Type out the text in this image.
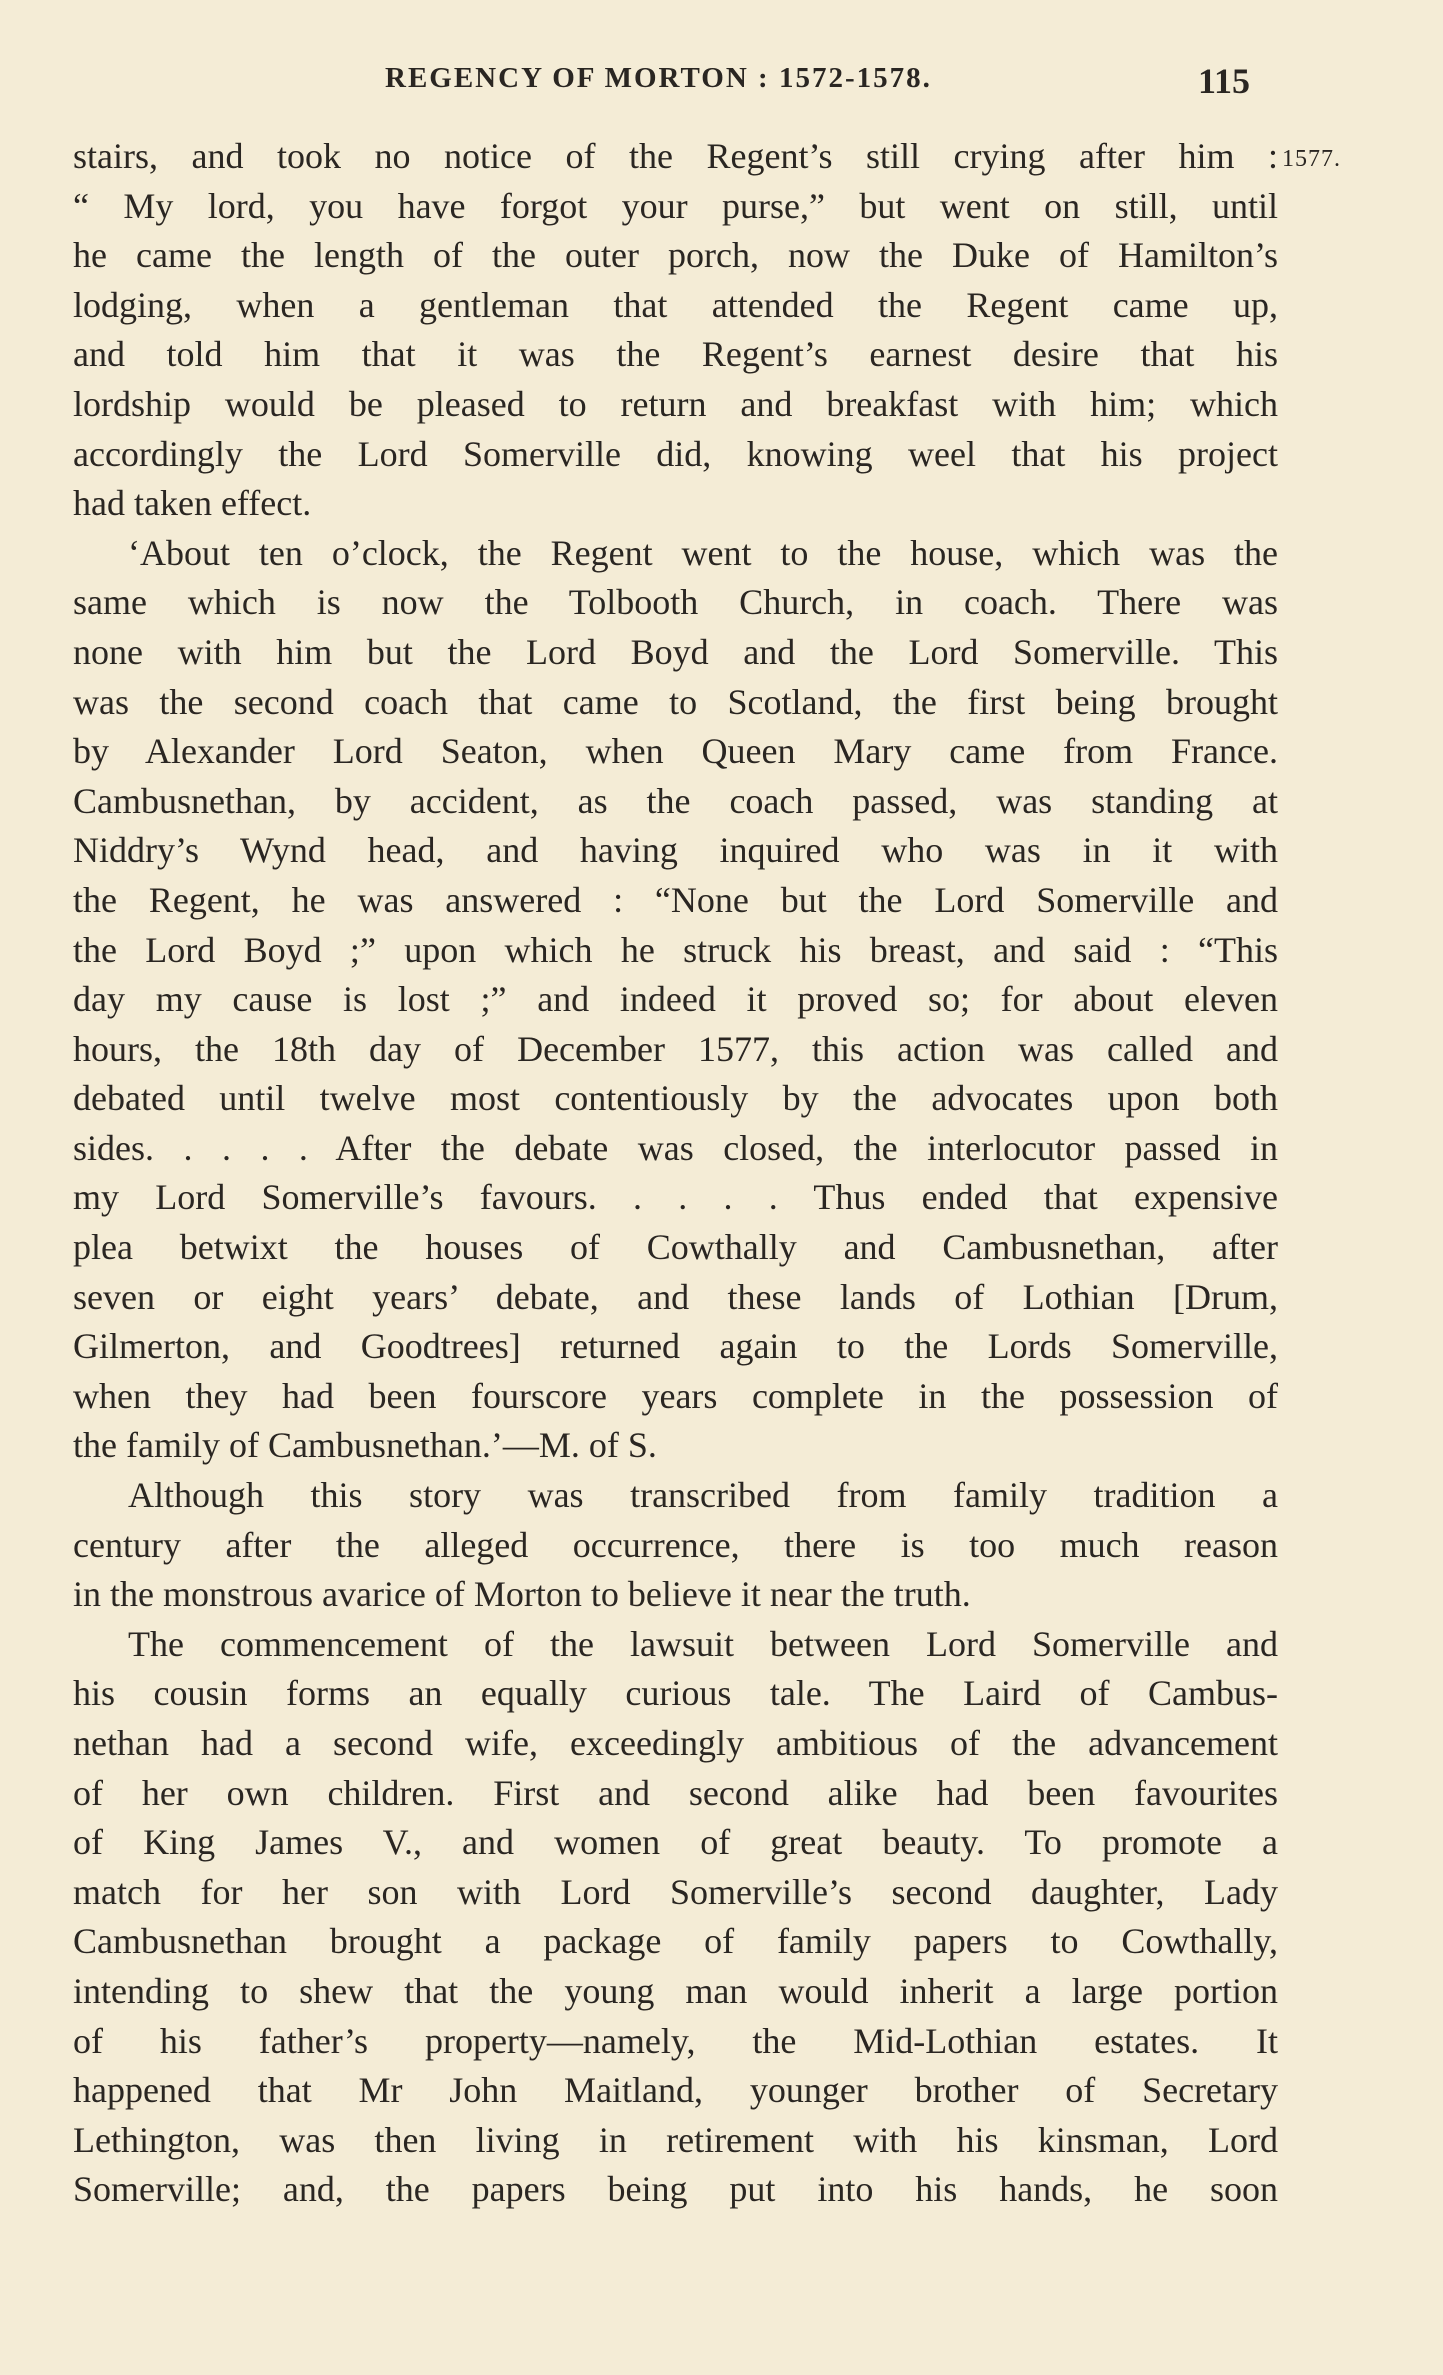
REGENCY OF MORTON : 1572-1578.	115
1577.
stairs, and took no notice of the Regent’s still crying after him :
“ My lord, you have forgot your purse,” but went on still, until
he came the length of the outer porch, now the Duke of Hamilton’s
lodging, when a gentleman that attended the Regent came up,
and told him that it was the Regent’s earnest desire that his
lordship would be pleased to return and breakfast with him; which
accordingly the Lord Somerville did, knowing weel that his project
had taken effect.
‘About ten o’clock, the Regent went to the house, which was the
same which is now the Tolbooth Church, in coach. There was
none with him but the Lord Boyd and the Lord Somerville. This
was the second coach that came to Scotland, the first being brought
by Alexander Lord Seaton, when Queen Mary came from France.
Cambusnethan, by accident, as the coach passed, was standing at
Niddry’s Wynd head, and having inquired who was in it with
the Regent, he was answered : “None but the Lord Somerville and
the Lord Boyd ;” upon which he struck his breast, and said : “This
day my cause is lost ;” and indeed it proved so; for about eleven
hours, the 18th day of December 1577, this action was called and
debated until twelve most contentiously by the advocates upon both
sides. . . . . After the debate was closed, the interlocutor passed in
my Lord Somerville’s favours. . . . . Thus ended that expensive
plea betwixt the houses of Cowthally and Cambusnethan, after
seven or eight years’ debate, and these lands of Lothian [Drum,
Gilmerton, and Goodtrees] returned again to the Lords Somerville,
when they had been fourscore years complete in the possession of
the family of Cambusnethan.’—M. of S.
Although this story was transcribed from family tradition a
century after the alleged occurrence, there is too much reason
in the monstrous avarice of Morton to believe it near the truth.
The commencement of the lawsuit between Lord Somerville and
his cousin forms an equally curious tale. The Laird of Cambus-
nethan had a second wife, exceedingly ambitious of the advancement
of her own children. First and second alike had been favourites
of King James V., and women of great beauty. To promote a
match for her son with Lord Somerville’s second daughter, Lady
Cambusnethan brought a package of family papers to Cowthally,
intending to shew that the young man would inherit a large portion
of his father’s property—namely, the Mid-Lothian estates. It
happened that Mr John Maitland, younger brother of Secretary
Lethington, was then living in retirement with his kinsman, Lord
Somerville; and, the papers being put into his hands, he soon
